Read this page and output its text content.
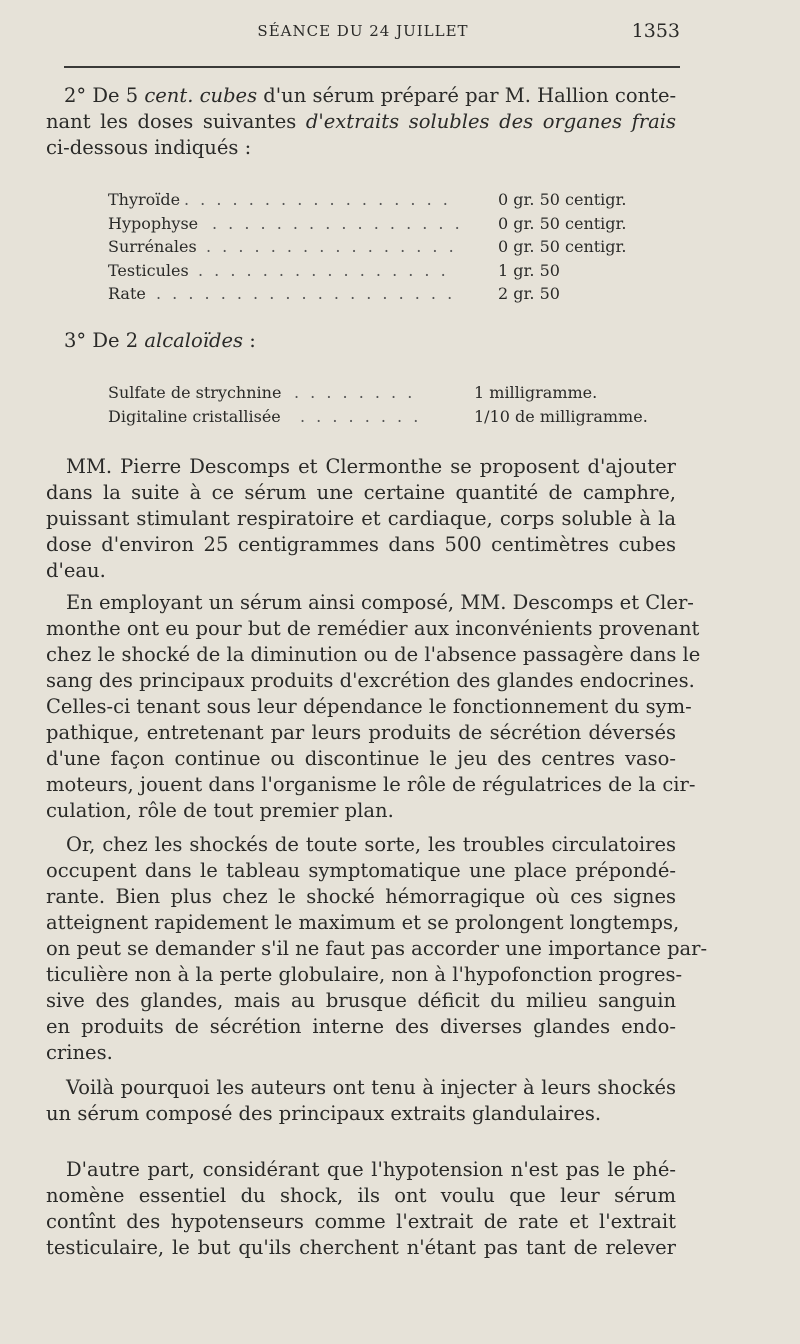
SÉANCE DU 24 JUILLET	1353
2° De 5 cent. cubes d'un sérum préparé par M. Hallion conte-
nant les doses suivantes d'extraits solubles des organes frais
ci-dessous indiqués :
Thyroïde . . . . . . . . . . . . . . . . .	0 gr. 50 centigr.
Hypophyse . . . . . . . . . . . . . . . . 0 gr. 50 centigr.
Surrénales . . . . . . . . . . . . . . . .	0 gr. 50 centigr.
Testicules . . . . . . . . . . . . . . . .	1 gr. 50
Rate . . . . . . . . . . . . . . . . . . .	2 gr. 50
3° De 2 alcaloïdes :
Sulfate de strychnine . . . . . . . .	1 milligramme.
Digitaline cristallisée . . . . . . . .	1/10 de milligramme.
MM. Pierre Descomps et Clermonthe se proposent d'ajouter
dans la suite à ce sérum une certaine quantité de camphre,
puissant stimulant respiratoire et cardiaque, corps soluble à la
dose d'environ 25 centigrammes dans 500 centimètres cubes
d'eau.
En employant un sérum ainsi composé, MM. Descomps et Cler-
monthe ont eu pour but de remédier aux inconvénients provenant
chez le shocké de la diminution ou de l'absence passagère dans le
sang des principaux produits d'excrétion des glandes endocrines.
Celles-ci tenant sous leur dépendance le fonctionnement du sym-
pathique, entretenant par leurs produits de sécrétion déversés
d'une façon continue ou discontinue le jeu des centres vaso-
moteurs, jouent dans l'organisme le rôle de régulatrices de la cir-
culation, rôle de tout premier plan.
Or, chez les shockés de toute sorte, les troubles circulatoires
occupent dans le tableau symptomatique une place prépondé-
rante. Bien plus chez le shocké hémorragique où ces signes
atteignent rapidement le maximum et se prolongent longtemps,
on peut se demander s'il ne faut pas accorder une importance par-
ticulière non à la perte globulaire, non à l'hypofonction progres-
sive des glandes, mais au brusque déficit du milieu sanguin
en produits de sécrétion interne des diverses glandes endo-
crines.
Voilà pourquoi les auteurs ont tenu à injecter à leurs shockés
un sérum composé des principaux extraits glandulaires.
D'autre part, considérant que l'hypotension n'est pas le phé-
nomène essentiel du shock, ils ont voulu que leur sérum
contînt des hypotenseurs comme l'extrait de rate et l'extrait
testiculaire, le but qu'ils cherchent n'étant pas tant de relever
